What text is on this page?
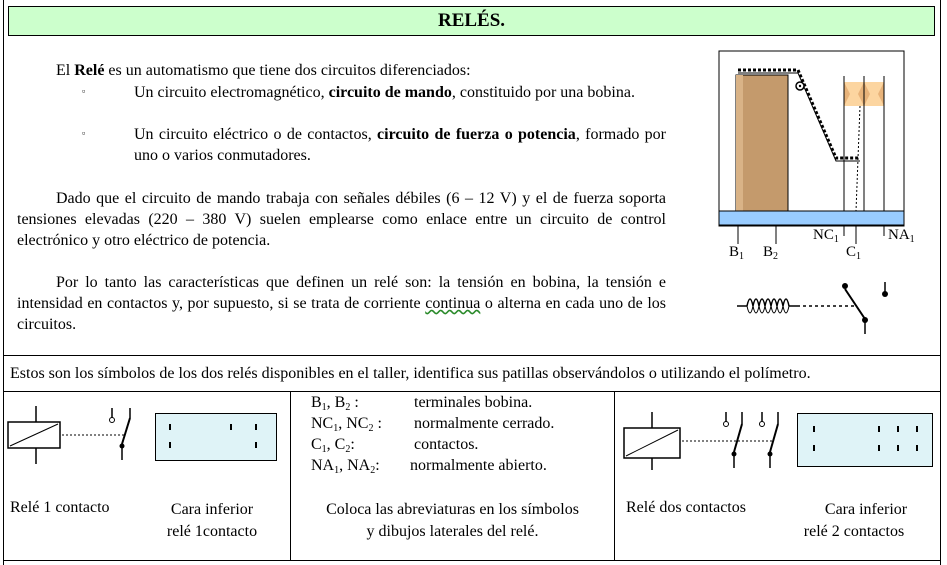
RELÉS.
El Relé es un automatismo que tiene dos circuitos diferenciados:
▫	Un circuito electromagnético, circuito de mando, constituido por una bobina.

▫	Un circuito eléctrico o de contactos, circuito de fuerza o potencia, formado por uno o varios conmutadores.

Dado que el circuito de mando trabaja con señales débiles (6 – 12 V) y el de fuerza soporta tensiones elevadas (220 – 380 V) suelen emplearse como enlace entre un circuito de control electrónico y otro eléctrico de potencia.

Por lo tanto las características que definen un relé son: la tensión en bobina, la tensión e intensidad en contactos y, por supuesto, si se trata de corriente continua o alterna en cada uno de los circuitos.

$B_1$ $B_2$
$NC_1$
$C_1$
$NA_1$
Estos son los símbolos de los dos relés disponibles en el taller, identifica sus patillas observándolos o utilizando el polímetro.
Relé 1 contacto	Cara inferior
relé 1contacto
$B_1$, $B_2$ :	terminales bobina.
$NC_1$, $NC_2$ : normalmente cerrado.
$C_1$, $C_2$:	contactos.
$NA_1$, $NA_2$: normalmente abierto.
Coloca las abreviaturas en los símbolos
y dibujos laterales del relé.
Relé dos contactos	Cara inferior
relé 2 contactos
